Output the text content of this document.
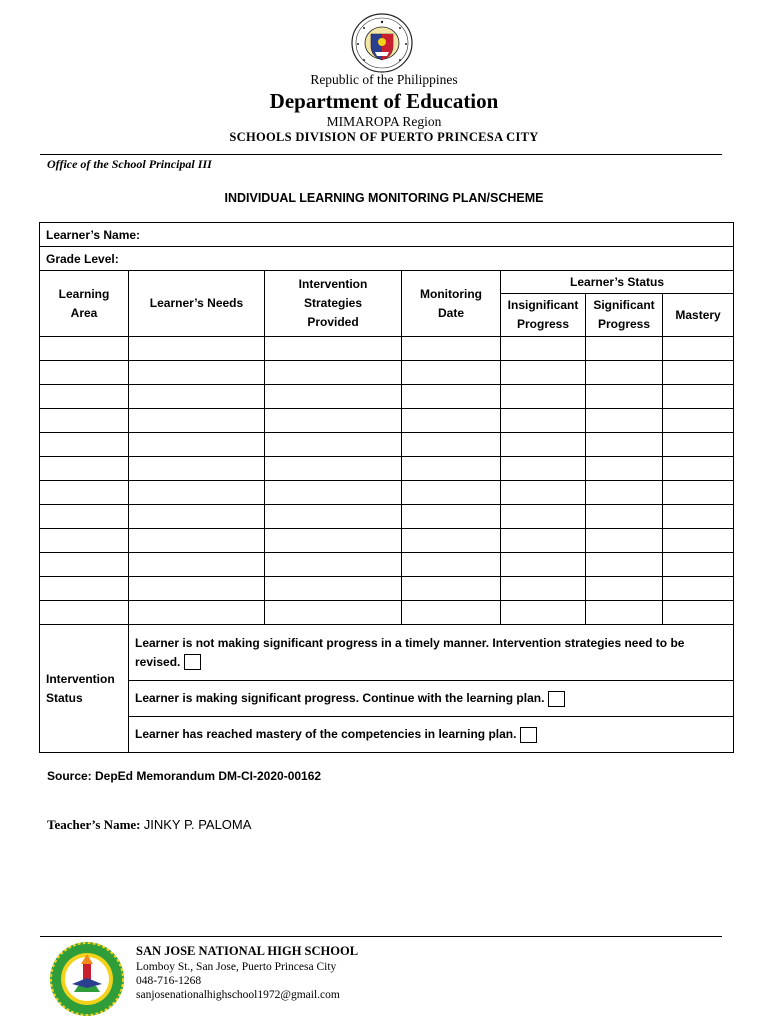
Republic of the Philippines
Department of Education
MIMAROPA Region
SCHOOLS DIVISION OF PUERTO PRINCESA CITY
Office of the School Principal III
INDIVIDUAL LEARNING MONITORING PLAN/SCHEME
Learner’s Name:						
Grade Level:						

Learning Area	Learner’s Needs	Intervention Strategies Provided	Monitoring Date	Learner’s Status		

				Insignificant Progress	Significant Progress	Mastery

Intervention Status	Learner is not making significant progress in a timely manner. Intervention strategies need to be revised.					
	Learner is making significant progress. Continue with the learning plan.					
	Learner has reached mastery of the competencies in learning plan.					
Source: DepEd Memorandum DM-CI-2020-00162
Teacher’s Name: JINKY P. PALOMA
SAN JOSE NATIONAL HIGH SCHOOL
Lomboy St., San Jose, Puerto Princesa City
048-716-1268
sanjosenationalhighschool1972@gmail.com
